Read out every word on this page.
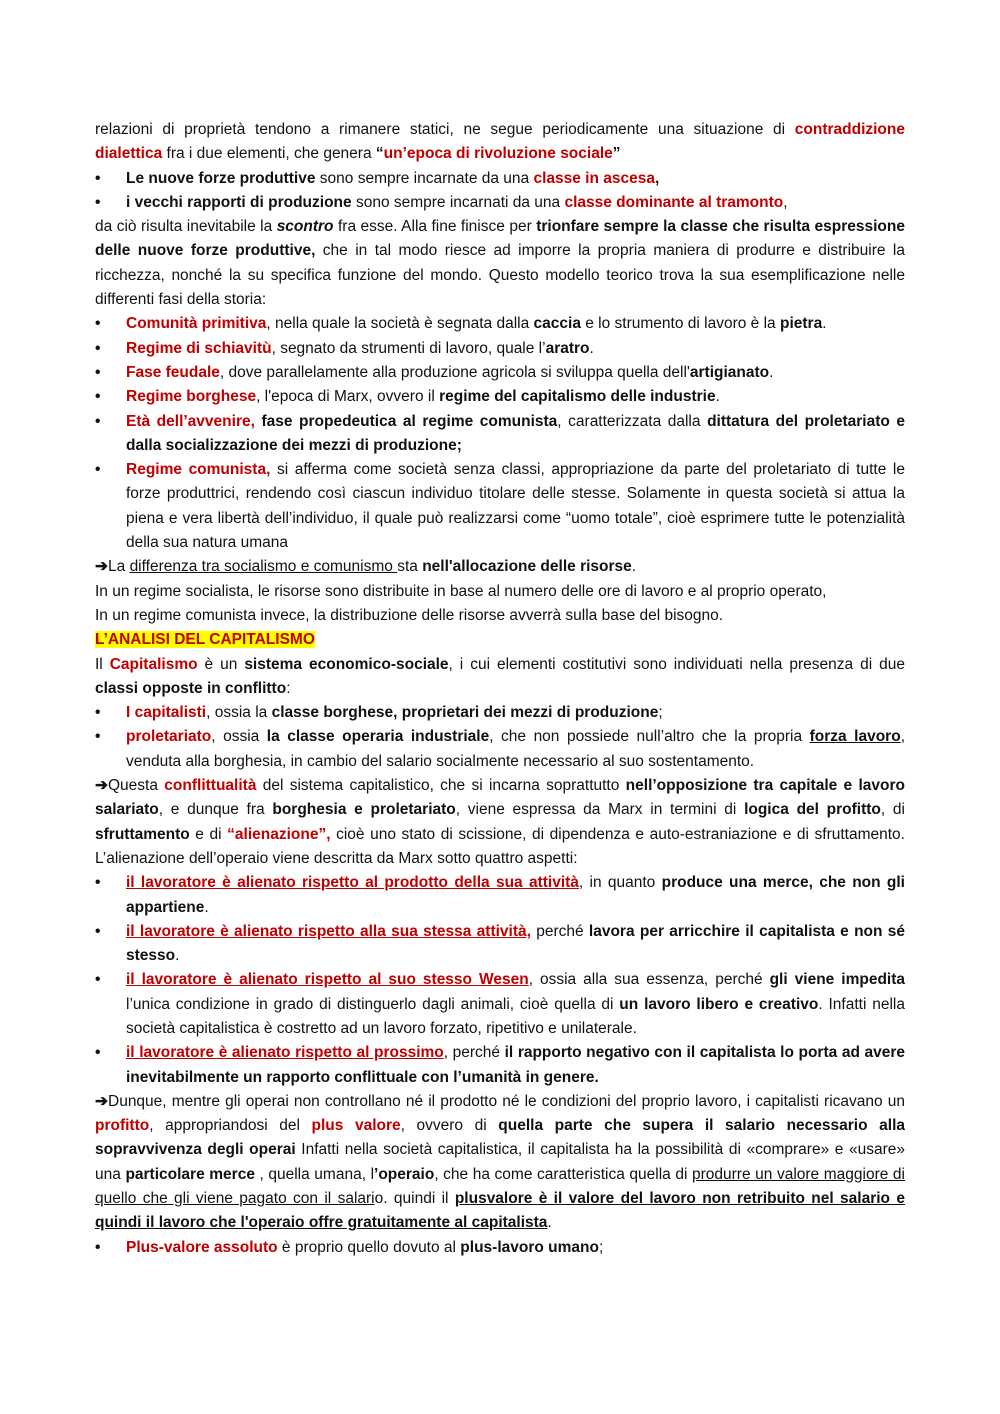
relazioni di proprietà tendono a rimanere statici, ne segue periodicamente una situazione di contraddizione dialettica fra i due elementi, che genera “un’epoca di rivoluzione sociale”

• Le nuove forze produttive sono sempre incarnate da una classe in ascesa,
• i vecchi rapporti di produzione sono sempre incarnati da una classe dominante al tramonto,

da ciò risulta inevitabile la scontro fra esse. Alla fine finisce per trionfare sempre la classe che risulta espressione delle nuove forze produttive, che in tal modo riesce ad imporre la propria maniera di produrre e distribuire la ricchezza, nonché la su specifica funzione del mondo. Questo modello teorico trova la sua esemplificazione nelle differenti fasi della storia:

• Comunità primitiva, nella quale la società è segnata dalla caccia e lo strumento di lavoro è la pietra.
• Regime di schiavitù, segnato da strumenti di lavoro, quale l’aratro.
• Fase feudale, dove parallelamente alla produzione agricola si sviluppa quella dell'artigianato.
• Regime borghese, l'epoca di Marx, ovvero il regime del capitalismo delle industrie.
• Età dell’avvenire, fase propedeutica al regime comunista, caratterizzata dalla dittatura del proletariato e dalla socializzazione dei mezzi di produzione;
• Regime comunista, si afferma come società senza classi, appropriazione da parte del proletariato di tutte le forze produttrici, rendendo così ciascun individuo titolare delle stesse. Solamente in questa società si attua la piena e vera libertà dell’individuo, il quale può realizzarsi come “uomo totale”, cioè esprimere tutte le potenzialità della sua natura umana

➔La differenza tra socialismo e comunismo sta nell'allocazione delle risorse.

In un regime socialista, le risorse sono distribuite in base al numero delle ore di lavoro e al proprio operato,

In un regime comunista invece, la distribuzione delle risorse avverrà sulla base del bisogno.

L’ANALISI DEL CAPITALISMO

Il Capitalismo è un sistema economico-sociale, i cui elementi costitutivi sono individuati nella presenza di due classi opposte in conflitto:

• I capitalisti, ossia la classe borghese, proprietari dei mezzi di produzione;
• proletariato, ossia la classe operaria industriale, che non possiede null’altro che la propria forza lavoro, venduta alla borghesia, in cambio del salario socialmente necessario al suo sostentamento.

➔Questa conflittualità del sistema capitalistico, che si incarna soprattutto nell’opposizione tra capitale e lavoro salariato, e dunque fra borghesia e proletariato, viene espressa da Marx in termini di logica del profitto, di sfruttamento e di “alienazione”, cioè uno stato di scissione, di dipendenza e auto-estraniazione e di sfruttamento. L’alienazione dell’operaio viene descritta da Marx sotto quattro aspetti:

• il lavoratore è alienato rispetto al prodotto della sua attività, in quanto produce una merce, che non gli appartiene.
• il lavoratore è alienato rispetto alla sua stessa attività, perché lavora per arricchire il capitalista e non sé stesso.
• il lavoratore è alienato rispetto al suo stesso Wesen, ossia alla sua essenza, perché gli viene impedita l’unica condizione in grado di distinguerlo dagli animali, cioè quella di un lavoro libero e creativo. Infatti nella società capitalistica è costretto ad un lavoro forzato, ripetitivo e unilaterale.
• il lavoratore è alienato rispetto al prossimo, perché il rapporto negativo con il capitalista lo porta ad avere inevitabilmente un rapporto conflittuale con l’umanità in genere.

➔Dunque, mentre gli operai non controllano né il prodotto né le condizioni del proprio lavoro, i capitalisti ricavano un profitto, appropriandosi del plus valore, ovvero di quella parte che supera il salario necessario alla sopravvivenza degli operai Infatti nella società capitalistica, il capitalista ha la possibilità di «comprare» e «usare» una particolare merce , quella umana, l’operaio, che ha come caratteristica quella di produrre un valore maggiore di quello che gli viene pagato con il salario. quindi il plusvalore è il valore del lavoro non retribuito nel salario e quindi il lavoro che l'operaio offre gratuitamente al capitalista.

• Plus-valore assoluto è proprio quello dovuto al plus-lavoro umano;
